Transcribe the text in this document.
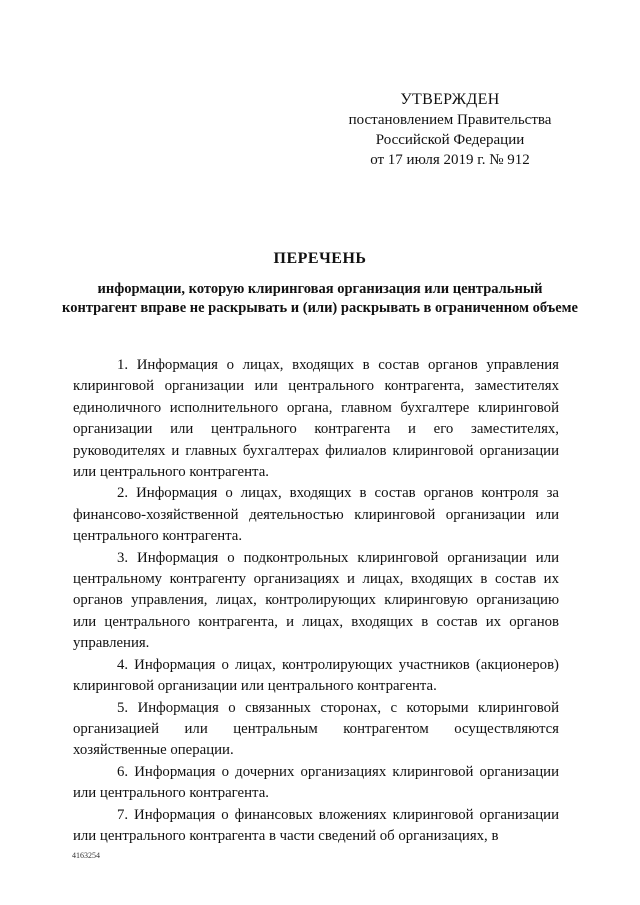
УТВЕРЖДЕН
постановлением Правительства
Российской Федерации
от 17 июля 2019 г. № 912
ПЕРЕЧЕНЬ
информации, которую клиринговая организация или центральный контрагент вправе не раскрывать и (или) раскрывать в ограниченном объеме

1. Информация о лицах, входящих в состав органов управления клиринговой организации или центрального контрагента, заместителях единоличного исполнительного органа, главном бухгалтере клиринговой организации или центрального контрагента и его заместителях, руководителях и главных бухгалтерах филиалов клиринговой организации или центрального контрагента.

2. Информация о лицах, входящих в состав органов контроля за финансово-хозяйственной деятельностью клиринговой организации или центрального контрагента.

3. Информация о подконтрольных клиринговой организации или центральному контрагенту организациях и лицах, входящих в состав их органов управления, лицах, контролирующих клиринговую организацию или центрального контрагента, и лицах, входящих в состав их органов управления.

4. Информация о лицах, контролирующих участников (акционеров) клиринговой организации или центрального контрагента.

5. Информация о связанных сторонах, с которыми клиринговой организацией или центральным контрагентом осуществляются хозяйственные операции.

6. Информация о дочерних организациях клиринговой организации или центрального контрагента.

7. Информация о финансовых вложениях клиринговой организации или центрального контрагента в части сведений об организациях, в

4163254
